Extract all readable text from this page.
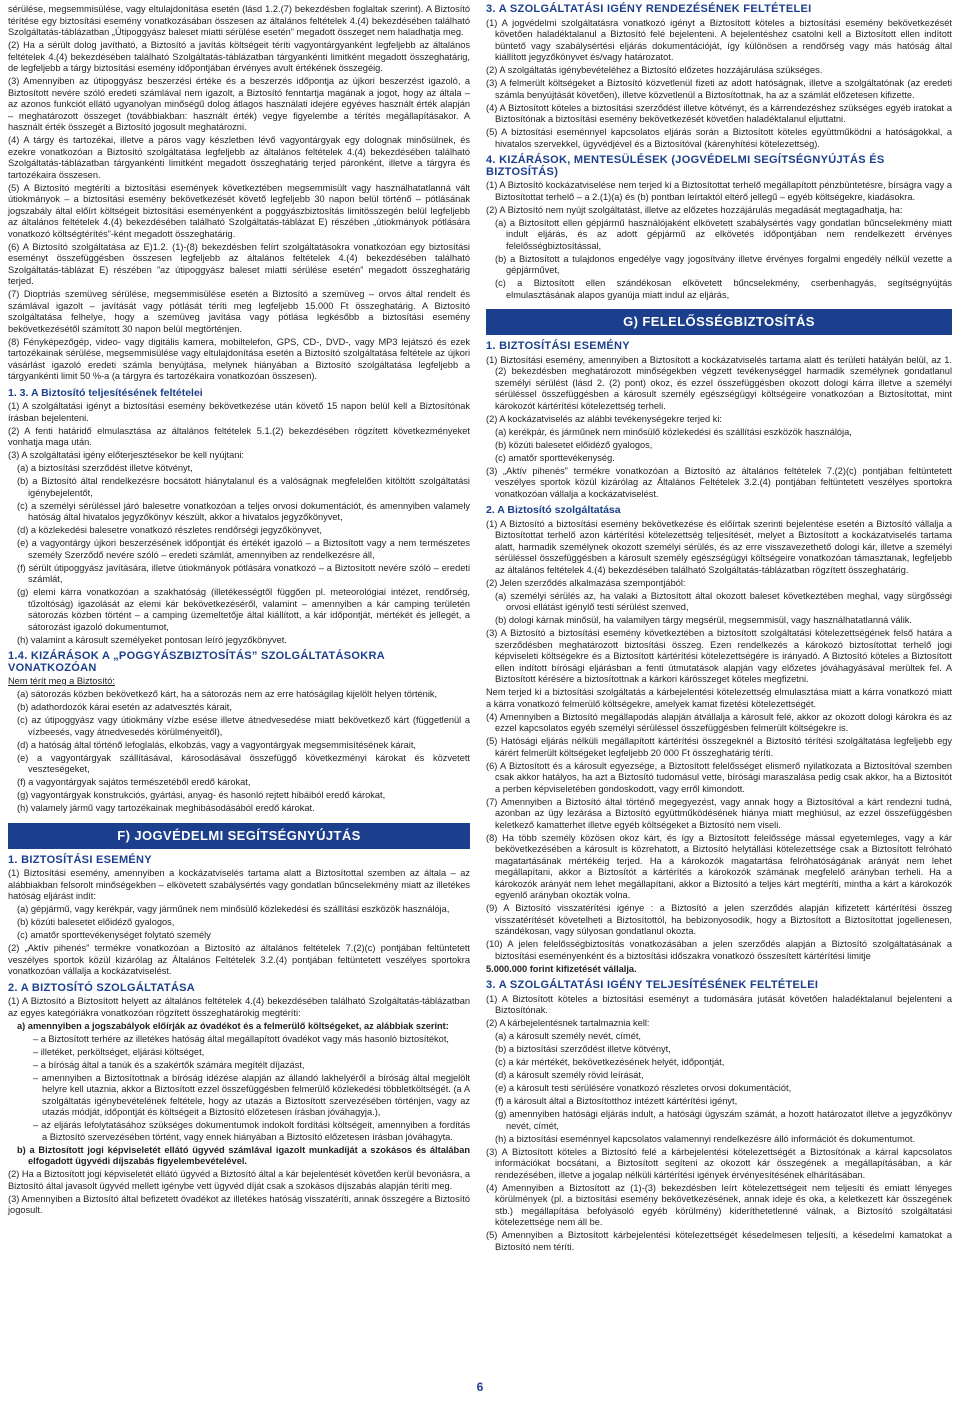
sérülése, megsemmisülése, vagy eltulajdonítása esetén (lásd 1.2.(7) bekezdésben foglaltak szerint). A Biztosító térítése egy biztosítási esemény vonatkozásában összesen az általános feltételek 4.(4) bekezdésében található Szolgáltatás-táblázatban „Útipoggyász baleset miatti sérülése esetén” megadott összeget nem haladhatja meg.

(2) Ha a sérült dolog javítható, a Biztosító a javítás költségeit téríti vagyontárgyanként legfeljebb az általános feltételek 4.(4) bekezdésében található Szolgáltatás-táblázatban tárgyankénti limitként megadott összeghatárig, de legfeljebb a tárgy biztosítási esemény időpontjában érvényes avult értékének összegéig.

(3) Amennyiben az útipoggyász beszerzési értéke és a beszerzés időpontja az újkori beszerzést igazoló, a Biztosított nevére szóló eredeti számlával nem igazolt, a Biztosító fenntartja magának a jogot, hogy az általa – az azonos funkciót ellátó ugyanolyan minőségű dolog átlagos használati idejére egyéves használt érték alapján – meghatározott összeget (továbbiakban: használt érték) vegye figyelembe a térítés megállapításakor. A használt érték összegét a Biztosító jogosult meghatározni.

(4) A tárgy és tartozékai, illetve a páros vagy készletben lévő vagyontárgyak egy dolognak minősülnek, és ezekre vonatkozóan a Biztosító szolgáltatása legfeljebb az általános feltételek 4.(4) bekezdésében található Szolgáltatás-táblázatban tárgyankénti limitként megadott összeghatárig terjed páronként, illetve a tárgyra és tartozékaira összesen.

(5) A Biztosító megtéríti a biztosítási események következtében megsemmisült vagy használhatatlanná vált útiokmányok – a biztosítási esemény bekövetkezését követő legfeljebb 30 napon belül történő – pótlásának jogszabály által előírt költségeit biztosítási eseményenként a poggyászbiztosítás limitösszegén belül legfeljebb az általános feltételek 4.(4) bekezdésében található Szolgáltatás-táblázat E) részében „útiokmányok pótlására vonatkozó költségtérítés”-ként megadott összeghatárig.

(6) A Biztosító szolgáltatása az E)1.2. (1)-(8) bekezdésben felírt szolgáltatásokra vonatkozóan egy biztosítási eseményt összefüggésben összesen legfeljebb az általános feltételek 4.(4) bekezdésében található Szolgáltatás-táblázat E) részében ”az útipoggyász baleset miatti sérülése esetén” megadott összeghatárig terjed.

(7) Dioptriás szemüveg sérülése, megsemmisülése esetén a Biztosító a szemüveg – orvos által rendelt és számlával igazolt – javítását vagy pótlását téríti meg legfeljebb 15.000 Ft összeghatárig. A Biztosító szolgáltatása felhelye, hogy a szemüveg javítása vagy pótlása legkésőbb a biztosítási esemény bekövetkezésétől számított 30 napon belül megtörténjen.

(8) Fényképezőgép, video- vagy digitális kamera, mobiltelefon, GPS, CD-, DVD-, vagy MP3 lejátszó és ezek tartozékainak sérülése, megsemmisülése vagy eltulajdonítása esetén a Biztosító szolgáltatása feltétele az újkori vásárlást igazoló eredeti számla benyújtása, melynek hiányában a Biztosító szolgáltatása legfeljebb a tárgyankénti limit 50 %-a (a tárgyra és tartozékaira vonatkozóan összesen).

1. 3. A Biztosító teljesítésének feltételei

(1) A szolgáltatási igényt a biztosítási esemény bekövetkezése után követő 15 napon belül kell a Biztosítónak írásban bejelenteni.

(2) A fenti határidő elmulasztása az általános feltételek 5.1.(2) bekezdésében rögzített következményeket vonhatja maga után.

(3) A szolgáltatási igény előterjesztésekor be kell nyújtani:

(a) a biztosítási szerződést illetve kötvényt,

(b) a Biztosító által rendelkezésre bocsátott hiánytalanul és a valóságnak megfelelően kitöltött szolgáltatási igénybejelentőt,

(c) a személyi sérüléssel járó balesetre vonatkozóan a teljes orvosi dokumentációt, és amennyiben valamely hatóság által hivatalos jegyzőkönyv készült, akkor a hivatalos jegyzőkönyvet,

(d) a közlekedési balesetre vonatkozó részletes rendőrségi jegyzőkönyvet,

(e) a vagyontárgy újkori beszerzésének időpontját és értékét igazoló – a Biztosított vagy a nem természetes személy Szerződő nevére szóló – eredeti számlát, amennyiben az rendelkezésre áll,

(f) sérült útipoggyász javítására, illetve útiokmányok pótlására vonatkozó – a Biztosított nevére szóló – eredeti számlát,

(g) elemi kárra vonatkozóan a szakhatóság (illetékességtől függően pl. meteorológiai intézet, rendőrség, tűzoltóság) igazolását az elemi kár bekövetkezéséről, valamint – amennyiben a kár camping területén sátorozás közben történt – a camping üzemeltetője által kiállított, a kár időpontját, mértékét és jellegét, a sátorozást igazoló dokumentumot,

(h) valamint a károsult személyeket pontosan leíró jegyzőkönyvet.

1.4. KIZÁRÁSOK A „POGGYÁSZBIZTOSÍTÁS” SZOLGÁLTATÁSOKRA VONATKOZÓAN

Nem térít meg a Biztosító:

(a) sátorozás közben bekövetkező kárt, ha a sátorozás nem az erre hatóságilag kijelölt helyen történik,

(b) adathordozók kárai esetén az adatvesztés kárait,

(c) az útipoggyász vagy útiokmány vízbe esése illetve átnedvesedése miatt bekövetkező kárt (függetlenül a vízbeesés, vagy átnedvesedés körülményeitől),

(d) a hatóság által történő lefoglalás, elkobzás, vagy a vagyontárgyak megsemmisítésének kárait,

(e) a vagyontárgyak szállításával, károsodásával összefüggő következményi károkat és közvetett veszteségeket,

(f) a vagyontárgyak sajátos természetéből eredő károkat,

(g) vagyontárgyak konstrukciós, gyártási, anyag- és hasonló rejtett hibáiból eredő károkat,

(h) valamely jármű vagy tartozékainak meghibásodásából eredő károkat.

F) JOGVÉDELMI SEGÍTSÉGNYÚJTÁS
1. BIZTOSÍTÁSI ESEMÉNY

(1) Biztosítási esemény, amennyiben a kockázatviselés tartama alatt a Biztosítottal szemben az általa – az alábbiakban felsorolt minőségekben – elkövetett szabálysértés vagy gondatlan bűncselekmény miatt az illetékes hatóság eljárást indít:

(a) gépjármű, vagy kerékpár, vagy járműnek nem minősülő közlekedési és szállítási eszközök használója,

(b) közúti balesetet előidéző gyalogos,

(c) amatőr sporttevékenységet folytató személy

(2) „Aktív pihenés” termékre vonatkozóan a Biztosító az általános feltételek 7.(2)(c) pontjában feltüntetett veszélyes sportok közül kizárólag az Általános Feltételek 3.2.(4) pontjában feltüntetett veszélyes sportokra vonatkozóan vállalja a kockázatviselést.

2. A BIZTOSÍTÓ SZOLGÁLTATÁSA

(1) A Biztosító a Biztosított helyett az általános feltételek 4.(4) bekezdésében található Szolgáltatás-táblázatban az egyes kategóriákra vonatkozóan rögzített összeghatárokig megtéríti:

a) amennyiben a jogszabályok előírják az óvadékot és a felmerülő költségeket, az alábbiak szerint:

– a Biztosított terhére az illetékes hatóság által megállapított óvadékot vagy más hasonló biztosítékot,

– illetéket, perköltséget, eljárási költséget,

– a bíróság által a tanúk és a szakértők számára megítélt díjazást,

– amennyiben a Biztosítottnak a bíróság idézése alapján az állandó lakhelyéről a bíróság által megjelölt helyre kell utaznia, akkor a Biztosított ezzel összefüggésben felmerülő közlekedési többletköltségét. (a A szolgáltatás igénybevételének feltétele, hogy az utazás a Biztosított szervezésében történjen, vagy az utazás módját, időpontját és költségeit a Biztosító előzetesen írásban jóváhagyja.),

– az eljárás lefolytatásához szükséges dokumentumok indokolt fordítási költségeit, amennyiben a fordítás a Biztosító szervezésében történt, vagy ennek hiányában a Biztosító előzetesen írásban jóváhagyta.

b) a Biztosított jogi képviseletét ellátó ügyvéd számlával igazolt munkadíját a szokásos és általában elfogadott ügyvédi díjszabás figyelembevételével.

(2) Ha a Biztosított jogi képviseletét ellátó ügyvéd a Biztosító által a kár bejelentését követően kerül bevonásra, a Biztosító által javasolt ügyvéd mellett igénybe vett ügyvéd díját csak a szokásos díjszabás alapján téríti meg.

(3) Amennyiben a Biztosító által befizetett óvadékot az illetékes hatóság visszatéríti, annak összegére a Biztosító jogosult.

3. A SZOLGÁLTATÁSI IGÉNY RENDEZÉSÉNEK FELTÉTELEI

(1) A jogvédelmi szolgáltatásra vonatkozó igényt a Biztosított köteles a biztosítási esemény bekövetkezését követően haladéktalanul a Biztosító felé bejelenteni. A bejelentéshez csatolni kell a Biztosított ellen indított büntető vagy szabálysértési eljárás dokumentációját, így különösen a rendőrség vagy más hatóság által kiállított jegyzőkönyvet és/vagy határozatot.

(2) A szolgáltatás igénybevételéhez a Biztosító előzetes hozzájárulása szükséges.

(3) A felmerült költségeket a Biztosító közvetlenül fizeti az adott hatóságnak, illetve a szolgáltatónak (az eredeti számla benyújtását követően), illetve közvetlenül a Biztosítottnak, ha az a számlát előzetesen kifizette.

(4) A Biztosított köteles a biztosítási szerződést illetve kötvényt, és a kárrendezéshez szükséges egyéb iratokat a Biztosítónak a biztosítási esemény bekövetkezését követően haladéktalanul eljuttatni.

(5) A biztosítási eseménnyel kapcsolatos eljárás során a Biztosított köteles együttműködni a hatóságokkal, a hivatalos szervekkel, ügyvédjével és a Biztosítóval (kárenyhítési kötelezettség).

4. KIZÁRÁSOK, MENTESÜLÉSEK (JOGVÉDELMI SEGÍTSÉGNYÚJTÁS ÉS BIZTOSÍTÁS)

(1) A Biztosító kockázatviselése nem terjed ki a Biztosítottat terhelő megállapított pénzbüntetésre, bírságra vagy a Biztosítottat terhelő – a 2.(1)(a) és (b) pontban leírtaktól eltérő jellegű – egyéb költségekre, kiadásokra.

(2) A Biztosító nem nyújt szolgáltatást, illetve az előzetes hozzájárulás megadását megtagadhatja, ha:

(a) a Biztosított ellen gépjármű használójaként elkövetett szabálysértés vagy gondatlan bűncselekmény miatt indult eljárás, és az adott gépjármű az elkövetés időpontjában nem rendelkezett érvényes felelősségbiztosítással,

(b) a Biztosított a tulajdonos engedélye vagy jogosítvány illetve érvényes forgalmi engedély nélkül vezette a gépjárművet,

(c) a Biztosított ellen szándékosan elkövetett bűncselekmény, cserbenhagyás, segítségnyújtás elmulasztásának alapos gyanúja miatt indul az eljárás,

G) FELELŐSSÉGBIZTOSÍTÁS
1. BIZTOSÍTÁSI ESEMÉNY

(1) Biztosítási esemény, amennyiben a Biztosított a kockázatviselés tartama alatt és területi hatályán belül, az 1.(2) bekezdésben meghatározott minőségekben végzett tevékenységgel harmadik személynek gondatlanul személyi sérülést (lásd 2. (2) pont) okoz, és ezzel összefüggésben okozott dologi kárra illetve a személyi sérüléssel összefüggésben a károsult személy egészségügyi költségeire vonatkozóan a Biztosítottat, mint károkozót kártérítési kötelezettség terheli.

(2) A kockázatviselés az alábbi tevékenységekre terjed ki:

(a) kerékpár, és járműnek nem minősülő közlekedési és szállítási eszközök használója,

(b) közúti balesetet előidéző gyalogos,

(c) amatőr sporttevékenység.

(3) „Aktív pihenés” termékre vonatkozóan a Biztosító az általános feltételek 7.(2)(c) pontjában feltüntetett veszélyes sportok közül kizárólag az Általános Feltételek 3.2.(4) pontjában feltüntetett veszélyes sportokra vonatkozóan vállalja a kockázatviselést.

2. A Biztosító szolgáltatása

(1) A Biztosító a biztosítási esemény bekövetkezése és előírtak szerinti bejelentése esetén a Biztosító vállalja a Biztosítottat terhelő azon kártérítési kötelezettség teljesítését, melyet a Biztosított a kockázatviselés tartama alatt, harmadik személynek okozott személyi sérülés, és az erre visszavezethető dologi kár, illetve a személyi sérüléssel összefüggésben a károsult személy egészségügyi költségeire vonatkozóan támasztanak, legfeljebb az általános feltételek 4.(4) bekezdésében található Szolgáltatás-táblázatban rögzített összeghatárig.

(2) Jelen szerződés alkalmazása szempontjából:

(a) személyi sérülés az, ha valaki a Biztosított által okozott baleset következtében meghal, vagy sürgősségi orvosi ellátást igénylő testi sérülést szenved,

(b) dologi kárnak minősül, ha valamilyen tárgy megsérül, megsemmisül, vagy használhatatlanná válik.

(3) A Biztosító a biztosítási esemény következtében a biztosított szolgáltatási kötelezettségének felső határa a szerződésben meghatározott biztosítási összeg. Ezen rendelkezés a károkozó biztosítottat terhelő jogi képviseleti költségekre és a Biztosított kártérítési kötelezettségére is irányadó. A Biztosító köteles a Biztosított ellen indított bírósági eljárásban a fenti útmutatások alapján vagy előzetes jóváhagyásával merültek fel. A Biztosított kérésére a biztosítottnak a kárkori kárösszeget köteles megfizetni.

Nem terjed ki a biztosítási szolgáltatás a kárbejelentési kötelezettség elmulasztása miatt a kárra vonatkozó miatt a kárra vonatkozó felmerülő költségekre, amelyek kamat fizetési kötelezettségét.

(4) Amennyiben a Biztosító megállapodás alapján átvállalja a károsult felé, akkor az okozott dologi károkra és az ezzel kapcsolatos egyéb személyi sérüléssel összefüggésben felmerült költségekre is.

(5) Hatósági eljárás nélküli megállapított kártérítési összegeknél a Biztosító térítési szolgáltatása legfeljebb egy kárért felmerült költségeket legfeljebb 20 000 Ft összeghatárig téríti.

(6) A Biztosított és a károsult egyezsége, a Biztosított felelősséget elismerő nyilatkozata a Biztosítóval szemben csak akkor hatályos, ha azt a Biztosító tudomásul vette, bírósági maraszalása pedig csak akkor, ha a Biztosítót a perben képviseletében gondoskodott, vagy erről kimondott.

(7) Amennyiben a Biztosító által történő megegyezést, vagy annak hogy a Biztosítóval a kárt rendezni tudná, azonban az ügy lezárása a Biztosító együttműködésének hiánya miatt meghiúsul, az ezzel összefüggésben keletkező kamatterhet illetve egyéb költségeket a Biztosító nem viseli.

(8) Ha több személy közösen okoz kárt, és így a Biztosított felelőssége mással egyetemleges, vagy a kár bekövetkezésében a károsult is közrehatott, a Biztosító helytállási kötelezettsége csak a Biztosított felróható magatartásának mértékéig terjed. Ha a károkozók magatartása felróhatóságának arányát nem lehet megállapítani, akkor a Biztosítót a kártérítés a károkozók számának megfelelő arányban terheli. Ha a károkozók arányát nem lehet megállapítani, akkor a Biztosító a teljes kárt megtéríti, minthа a kárt a károkozók egyenlő arányban okozták volna.

(9) A Biztosító visszatérítési igénye : a Biztosító a jelen szerződés alapján kifizetett kártérítési összeg visszatérítését követelheti a Biztosítottól, ha bebizonyosodik, hogy a Biztosított a Biztosítottat jogellenesen, szándékosan, vagy súlyosan gondatlanul okozta.

(10) A jelen felelősségbiztosítás vonatkozásában a jelen szerződés alapján a Biztosító szolgáltatásának a biztosítási eseményenként és a biztosítási időszakra vonatkozó összesített kártérítési limitje

5.000.000 forint kifizetését vállalja.

3. A SZOLGÁLTATÁSI IGÉNY TELJESÍTÉSÉNEK FELTÉTELEI

(1) A Biztosított köteles a biztosítási eseményt a tudomására jutását követően haladéktalanul bejelenteni a Biztosítónak.

(2) A kárbejelentésnek tartalmaznia kell:

(a) a károsult személy nevét, címét,

(b) a biztosítási szerződést illetve kötvényt,

(c) a kár mértékét, bekövetkezésének helyét, időpontját,

(d) a károsult személy rövid leírását,

(e) a károsult testi sérülésére vonatkozó részletes orvosi dokumentációt,

(f) a károsult által a Biztosítotthoz intézett kártérítési igényt,

(g) amennyiben hatósági eljárás indult, a hatósági ügyszám számát, a hozott határozatot illetve a jegyzőkönyv nevét, címét,

(h) a biztosítási eseménnyel kapcsolatos valamennyi rendelkezésre álló információt és dokumentumot.

(3) A Biztosított köteles a Biztosító felé a kárbejelentési kötelezettségét a Biztosítónak a kárral kapcsolatos információkat bocsátani, a Biztosított segíteni az okozott kár összegének a megállapításában, a kár rendezésében, illetve a jogalap nélküli kártérítési igények érvényesítésének elhárításában.

(4) Amennyiben a Biztosított az (1)-(3) bekezdésben leírt kötelezettségeit nem teljesíti és emiatt lényeges körülmények (pl. a biztosítási esemény bekövetkezésének, annak ideje és oka, a keletkezett kár összegének stb.) megállapítása befolyásoló egyéb körülmény) kideríthetetlenné válnak, a Biztosító szolgáltatási kötelezettsége nem áll be.

(5) Amennyiben a Biztosított kárbejelentési kötelezettségét késedelmesen teljesíti, a késedelmi kamatokat a Biztosító nem téríti.

6
